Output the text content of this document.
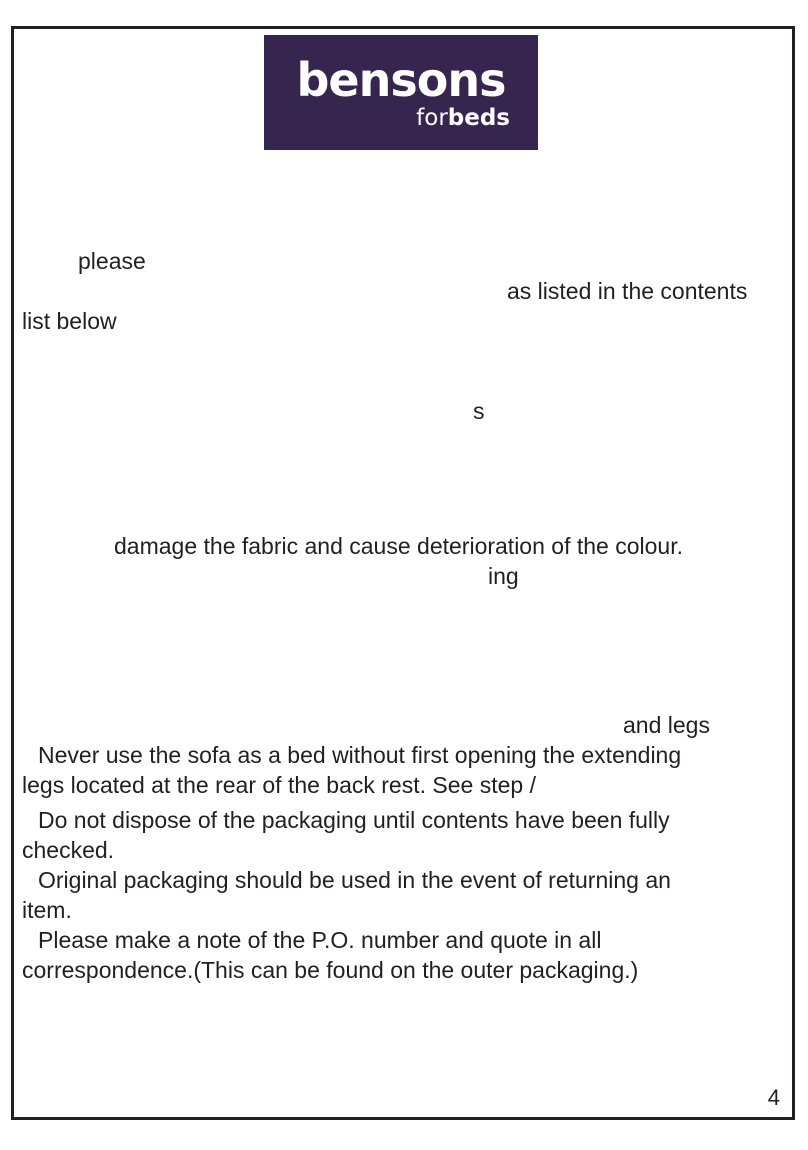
bensons
forbeds
please
as listed in the contents
list below
s
damage the fabric and cause deterioration of the colour.
ing
and legs
Never use the sofa as a bed without first opening the extending
legs located at the rear of the back rest. See step /
Do not dispose of the packaging until contents have been fully
checked.
Original packaging should be used in the event of returning an
item.
Please make a note of the P.O. number and quote in all
correspondence.(This can be found on the outer packaging.)
4
